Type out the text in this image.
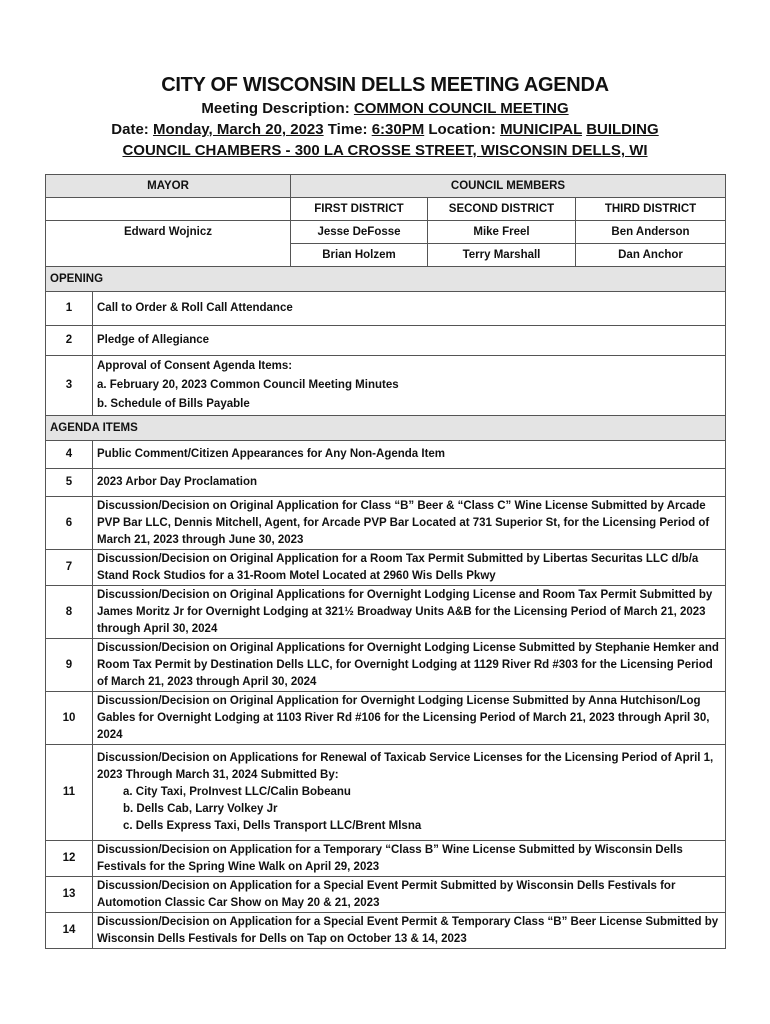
CITY OF WISCONSIN DELLS MEETING AGENDA
Meeting Description: COMMON COUNCIL MEETING
Date: Monday, March 20, 2023 Time: 6:30PM Location: MUNICIPAL BUILDING
COUNCIL CHAMBERS - 300 LA CROSSE STREET, WISCONSIN DELLS, WI
MAYOR		COUNCIL MEMBERS		
		FIRST DISTRICT	SECOND DISTRICT	THIRD DISTRICT
Edward Wojnicz		Jesse DeFosse	Mike Freel	Ben Anderson
		Brian Holzem	Terry Marshall	Dan Anchor
OPENING				
1	Call to Order & Roll Call Attendance			
2	Pledge of Allegiance			
3	Approval of Consent Agenda Items:
a. February 20, 2023 Common Council Meeting Minutes
b. Schedule of Bills Payable			

AGENDA ITEMS				
4	Public Comment/Citizen Appearances for Any Non-Agenda Item			
5	2023 Arbor Day Proclamation			
6	Discussion/Decision on Original Application for Class “B” Beer & “Class C” Wine License Submitted by Arcade PVP Bar LLC, Dennis Mitchell, Agent, for Arcade PVP Bar Located at 731 Superior St, for the Licensing Period of March 21, 2023 through June 30, 2023			
7	Discussion/Decision on Original Application for a Room Tax Permit Submitted by Libertas Securitas LLC d/b/a Stand Rock Studios for a 31-Room Motel Located at 2960 Wis Dells Pkwy			
8	Discussion/Decision on Original Applications for Overnight Lodging License and Room Tax Permit Submitted by James Moritz Jr for Overnight Lodging at 321½ Broadway Units A&B for the Licensing Period of March 21, 2023 through April 30, 2024			
9	Discussion/Decision on Original Applications for Overnight Lodging License Submitted by Stephanie Hemker and Room Tax Permit by Destination Dells LLC, for Overnight Lodging at 1129 River Rd #303 for the Licensing Period of March 21, 2023 through April 30, 2024			
10	Discussion/Decision on Original Application for Overnight Lodging License Submitted by Anna Hutchison/Log Gables for Overnight Lodging at 1103 River Rd #106 for the Licensing Period of March 21, 2023 through April 30, 2024			
11	Discussion/Decision on Applications for Renewal of Taxicab Service Licenses for the Licensing Period of April 1, 2023 Through March 31, 2024 Submitted By:
a. City Taxi, ProInvest LLC/Calin Bobeanu
b. Dells Cab, Larry Volkey Jr
c. Dells Express Taxi, Dells Transport LLC/Brent Mlsna			

12	Discussion/Decision on Application for a Temporary “Class B” Wine License Submitted by Wisconsin Dells Festivals for the Spring Wine Walk on April 29, 2023			
13	Discussion/Decision on Application for a Special Event Permit Submitted by Wisconsin Dells Festivals for Automotion Classic Car Show on May 20 & 21, 2023			
14	Discussion/Decision on Application for a Special Event Permit & Temporary Class “B” Beer License Submitted by Wisconsin Dells Festivals for Dells on Tap on October 13 & 14, 2023			
